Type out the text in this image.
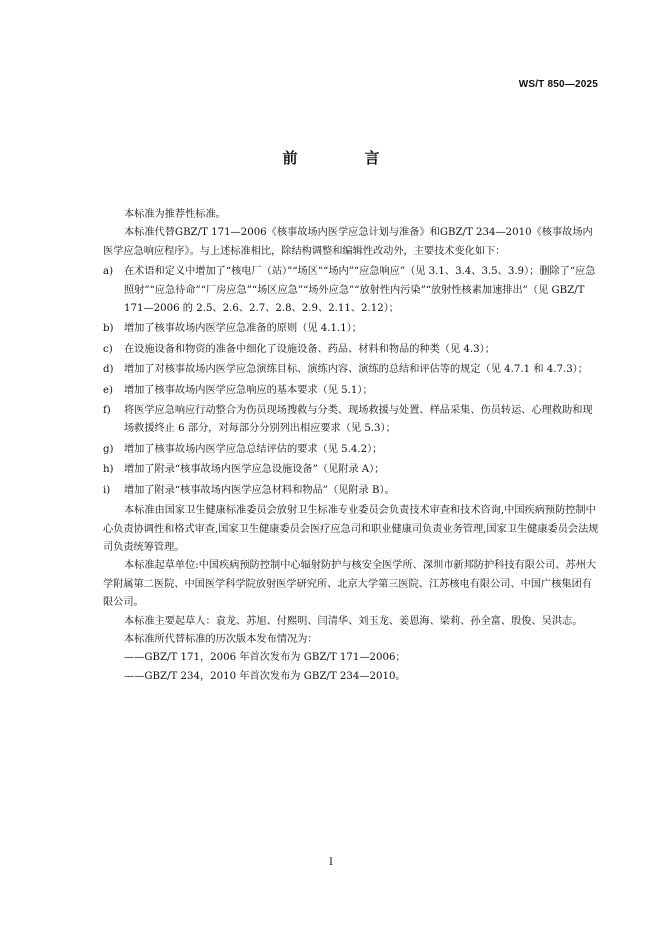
WS/T 850—2025
前　言

本标准为推荐性标准。

本标准代替GBZ/T 171—2006《核事故场内医学应急计划与准备》和GBZ/T 234—2010《核事故场内医学应急响应程序》。与上述标准相比，除结构调整和编辑性改动外，主要技术变化如下：

a)	在术语和定义中增加了“核电厂（站）”“场区”“场内”“应急响应”（见 3.1、3.4、3.5、3.9）；删除了“应急照射”“应急待命”“厂房应急”“场区应急”“场外应急”“放射性内污染”“放射性核素加速排出”（见 GBZ/T 171—2006 的 2.5、2.6、2.7、2.8、2.9、2.11、2.12）；
b)	增加了核事故场内医学应急准备的原则（见 4.1.1）；
c)	在设施设备和物资的准备中细化了设施设备、药品、材料和物品的种类（见 4.3）；
d)	增加了对核事故场内医学应急演练目标、演练内容、演练的总结和评估等的规定（见 4.7.1 和 4.7.3）；
e)	增加了核事故场内医学应急响应的基本要求（见 5.1）；
f)	将医学应急响应行动整合为伤员现场搜救与分类、现场救援与处置、样品采集、伤员转运、心理救助和现场救援终止 6 部分，对每部分分别列出相应要求（见 5.3）；
g)	增加了核事故场内医学应急总结评估的要求（见 5.4.2）；
h)	增加了附录“核事故场内医学应急设施设备”（见附录 A）；
i)	增加了附录“核事故场内医学应急材料和物品”（见附录 B）。

本标准由国家卫生健康标准委员会放射卫生标准专业委员会负责技术审查和技术咨询,中国疾病预防控制中心负责协调性和格式审查,国家卫生健康委员会医疗应急司和职业健康司负责业务管理,国家卫生健康委员会法规司负责统筹管理。

本标准起草单位:中国疾病预防控制中心辐射防护与核安全医学所、深圳市新邦防护科技有限公司、苏州大学附属第二医院、中国医学科学院放射医学研究所、北京大学第三医院、江苏核电有限公司、中国广核集团有限公司。

本标准主要起草人：袁龙、苏旭、付熙明、闫清华、刘玉龙、姜恩海、梁莉、孙全富、殷俊、吴洪志。

本标准所代替标准的历次版本发布情况为：

——GBZ/T 171，2006 年首次发布为 GBZ/T 171—2006；

——GBZ/T 234，2010 年首次发布为 GBZ/T 234—2010。

I
